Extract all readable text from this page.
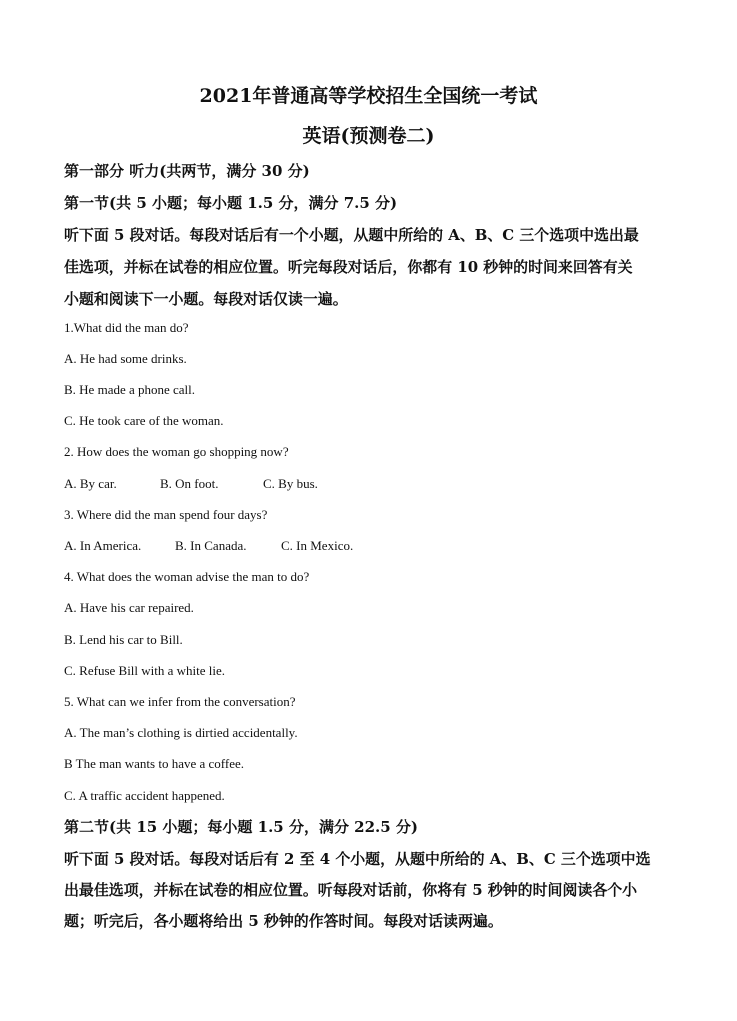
2021年普通高等学校招生全国统一考试
英语(预测卷二)
第一部分 听力(共两节，满分 30 分)
第一节(共 5 小题；每小题 1.5 分，满分 7.5 分)
听下面 5 段对话。每段对话后有一个小题，从题中所给的 A、B、C 三个选项中选出最
佳选项，并标在试卷的相应位置。听完每段对话后，你都有 10 秒钟的时间来回答有关
小题和阅读下一小题。每段对话仅读一遍。
1.What did the man do?
A. He had some drinks.
B. He made a phone call.
C. He took care of the woman.
2. How does the woman go shopping now?
A. By car.	B. On foot.	C. By bus.
3. Where did the man spend four days?
A. In America.	B. In Canada.	C. In Mexico.
4. What does the woman advise the man to do?
A. Have his car repaired.
B. Lend his car to Bill.
C. Refuse Bill with a white lie.
5. What can we infer from the conversation?
A. The man’s clothing is dirtied accidentally.
B The man wants to have a coffee.
C. A traffic accident happened.
第二节(共 15 小题；每小题 1.5 分，满分 22.5 分)
听下面 5 段对话。每段对话后有 2 至 4 个小题，从题中所给的 A、B、C 三个选项中选
出最佳选项，并标在试卷的相应位置。听每段对话前，你将有 5 秒钟的时间阅读各个小
题；听完后，各小题将给出 5 秒钟的作答时间。每段对话读两遍。
